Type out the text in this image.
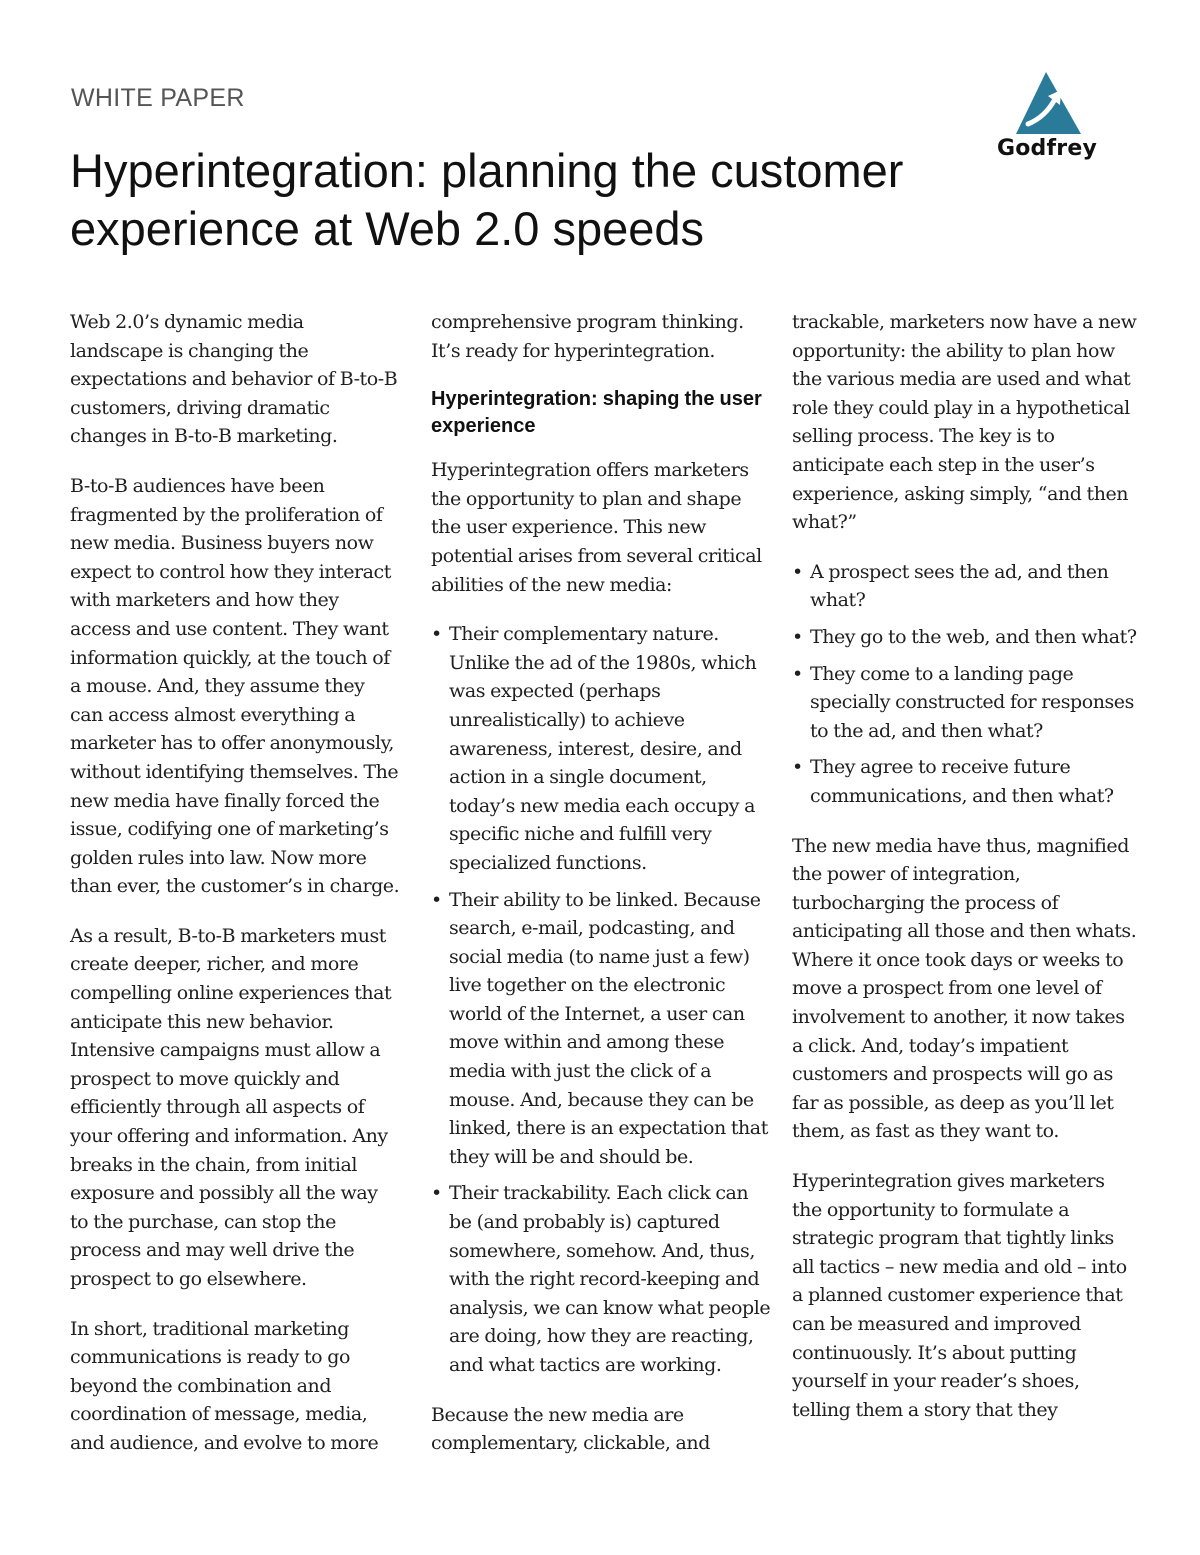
WHITE PAPER
Hyperintegration: planning the customer experience at Web 2.0 speeds
Godfrey

Web 2.0’s dynamic media landscape is changing the expectations and behavior of B-to-B customers, driving dramatic changes in B-to-B marketing.

B-to-B audiences have been fragmented by the proliferation of new media. Business buyers now expect to control how they interact with marketers and how they access and use content. They want information quickly, at the touch of a mouse. And, they assume they can access almost everything a marketer has to offer anonymously, without identifying themselves. The new media have finally forced the issue, codifying one of marketing’s golden rules into law. Now more than ever, the customer’s in charge.

As a result, B-to-B marketers must create deeper, richer, and more compelling online experiences that anticipate this new behavior. Intensive campaigns must allow a prospect to move quickly and efficiently through all aspects of your offering and information. Any breaks in the chain, from initial exposure and possibly all the way to the purchase, can stop the process and may well drive the prospect to go elsewhere.

In short, traditional marketing communications is ready to go beyond the combination and coordination of message, media, and audience, and evolve to more

comprehensive program thinking. It’s ready for hyperintegration.

Hyperintegration: shaping the user experience

Hyperintegration offers marketers the opportunity to plan and shape the user experience. This new potential arises from several critical abilities of the new media:

• Their complementary nature. Unlike the ad of the 1980s, which was expected (perhaps unrealistically) to achieve awareness, interest, desire, and action in a single document, today’s new media each occupy a specific niche and fulfill very specialized functions.
• Their ability to be linked. Because search, e-mail, podcasting, and social media (to name just a few) live together on the electronic world of the Internet, a user can move within and among these media with just the click of a mouse. And, because they can be linked, there is an expectation that they will be and should be.
• Their trackability. Each click can be (and probably is) captured somewhere, somehow. And, thus, with the right record-keeping and analysis, we can know what people are doing, how they are reacting, and what tactics are working.

Because the new media are complementary, clickable, and

trackable, marketers now have a new opportunity: the ability to plan how the various media are used and what role they could play in a hypothetical selling process. The key is to anticipate each step in the user’s experience, asking simply, “and then what?”

• A prospect sees the ad, and then what?
• They go to the web, and then what?
• They come to a landing page specially constructed for responses to the ad, and then what?
• They agree to receive future communications, and then what?

The new media have thus, magnified the power of integration, turbocharging the process of anticipating all those and then whats. Where it once took days or weeks to move a prospect from one level of involvement to another, it now takes a click. And, today’s impatient customers and prospects will go as far as possible, as deep as you’ll let them, as fast as they want to.

Hyperintegration gives marketers the opportunity to formulate a strategic program that tightly links all tactics – new media and old – into a planned customer experience that can be measured and improved continuously. It’s about putting yourself in your reader’s shoes, telling them a story that they
